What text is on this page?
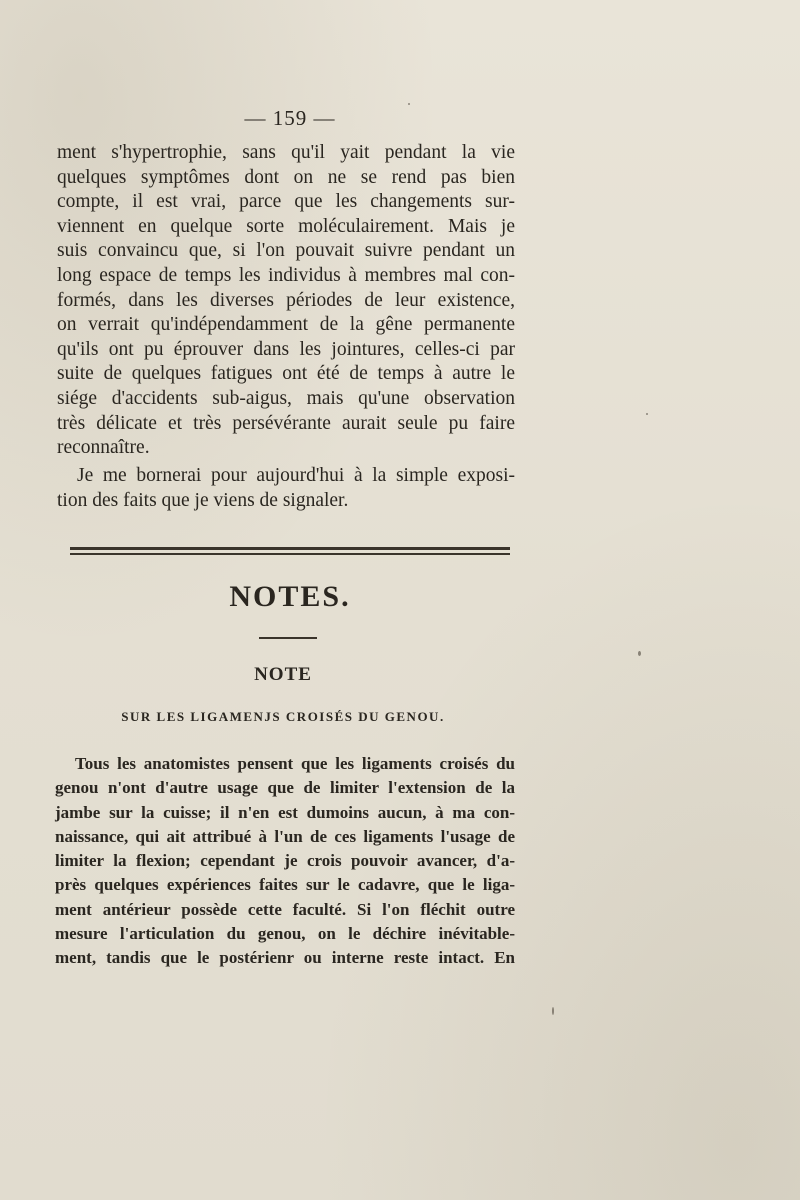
— 159 —
ment s'hypertrophie, sans qu'il yait pendant la vie
quelques symptômes dont on ne se rend pas bien
compte, il est vrai, parce que les changements sur-
viennent en quelque sorte moléculairement. Mais je
suis convaincu que, si l'on pouvait suivre pendant un
long espace de temps les individus à membres mal con-
formés, dans les diverses périodes de leur existence,
on verrait qu'indépendamment de la gêne permanente
qu'ils ont pu éprouver dans les jointures, celles-ci par
suite de quelques fatigues ont été de temps à autre le
siége d'accidents sub-aigus, mais qu'une observation
très délicate et très persévérante aurait seule pu faire
reconnaître.
Je me bornerai pour aujourd'hui à la simple exposi-
tion des faits que je viens de signaler.
NOTES.
NOTE
SUR LES LIGAMENJS CROISÉS DU GENOU.
Tous les anatomistes pensent que les ligaments croisés du
genou n'ont d'autre usage que de limiter l'extension de la
jambe sur la cuisse; il n'en est dumoins aucun, à ma con-
naissance, qui ait attribué à l'un de ces ligaments l'usage de
limiter la flexion; cependant je crois pouvoir avancer, d'a-
près quelques expériences faites sur le cadavre, que le liga-
ment antérieur possède cette faculté. Si l'on fléchit outre
mesure l'articulation du genou, on le déchire inévitable-
ment, tandis que le postérienr ou interne reste intact. En
